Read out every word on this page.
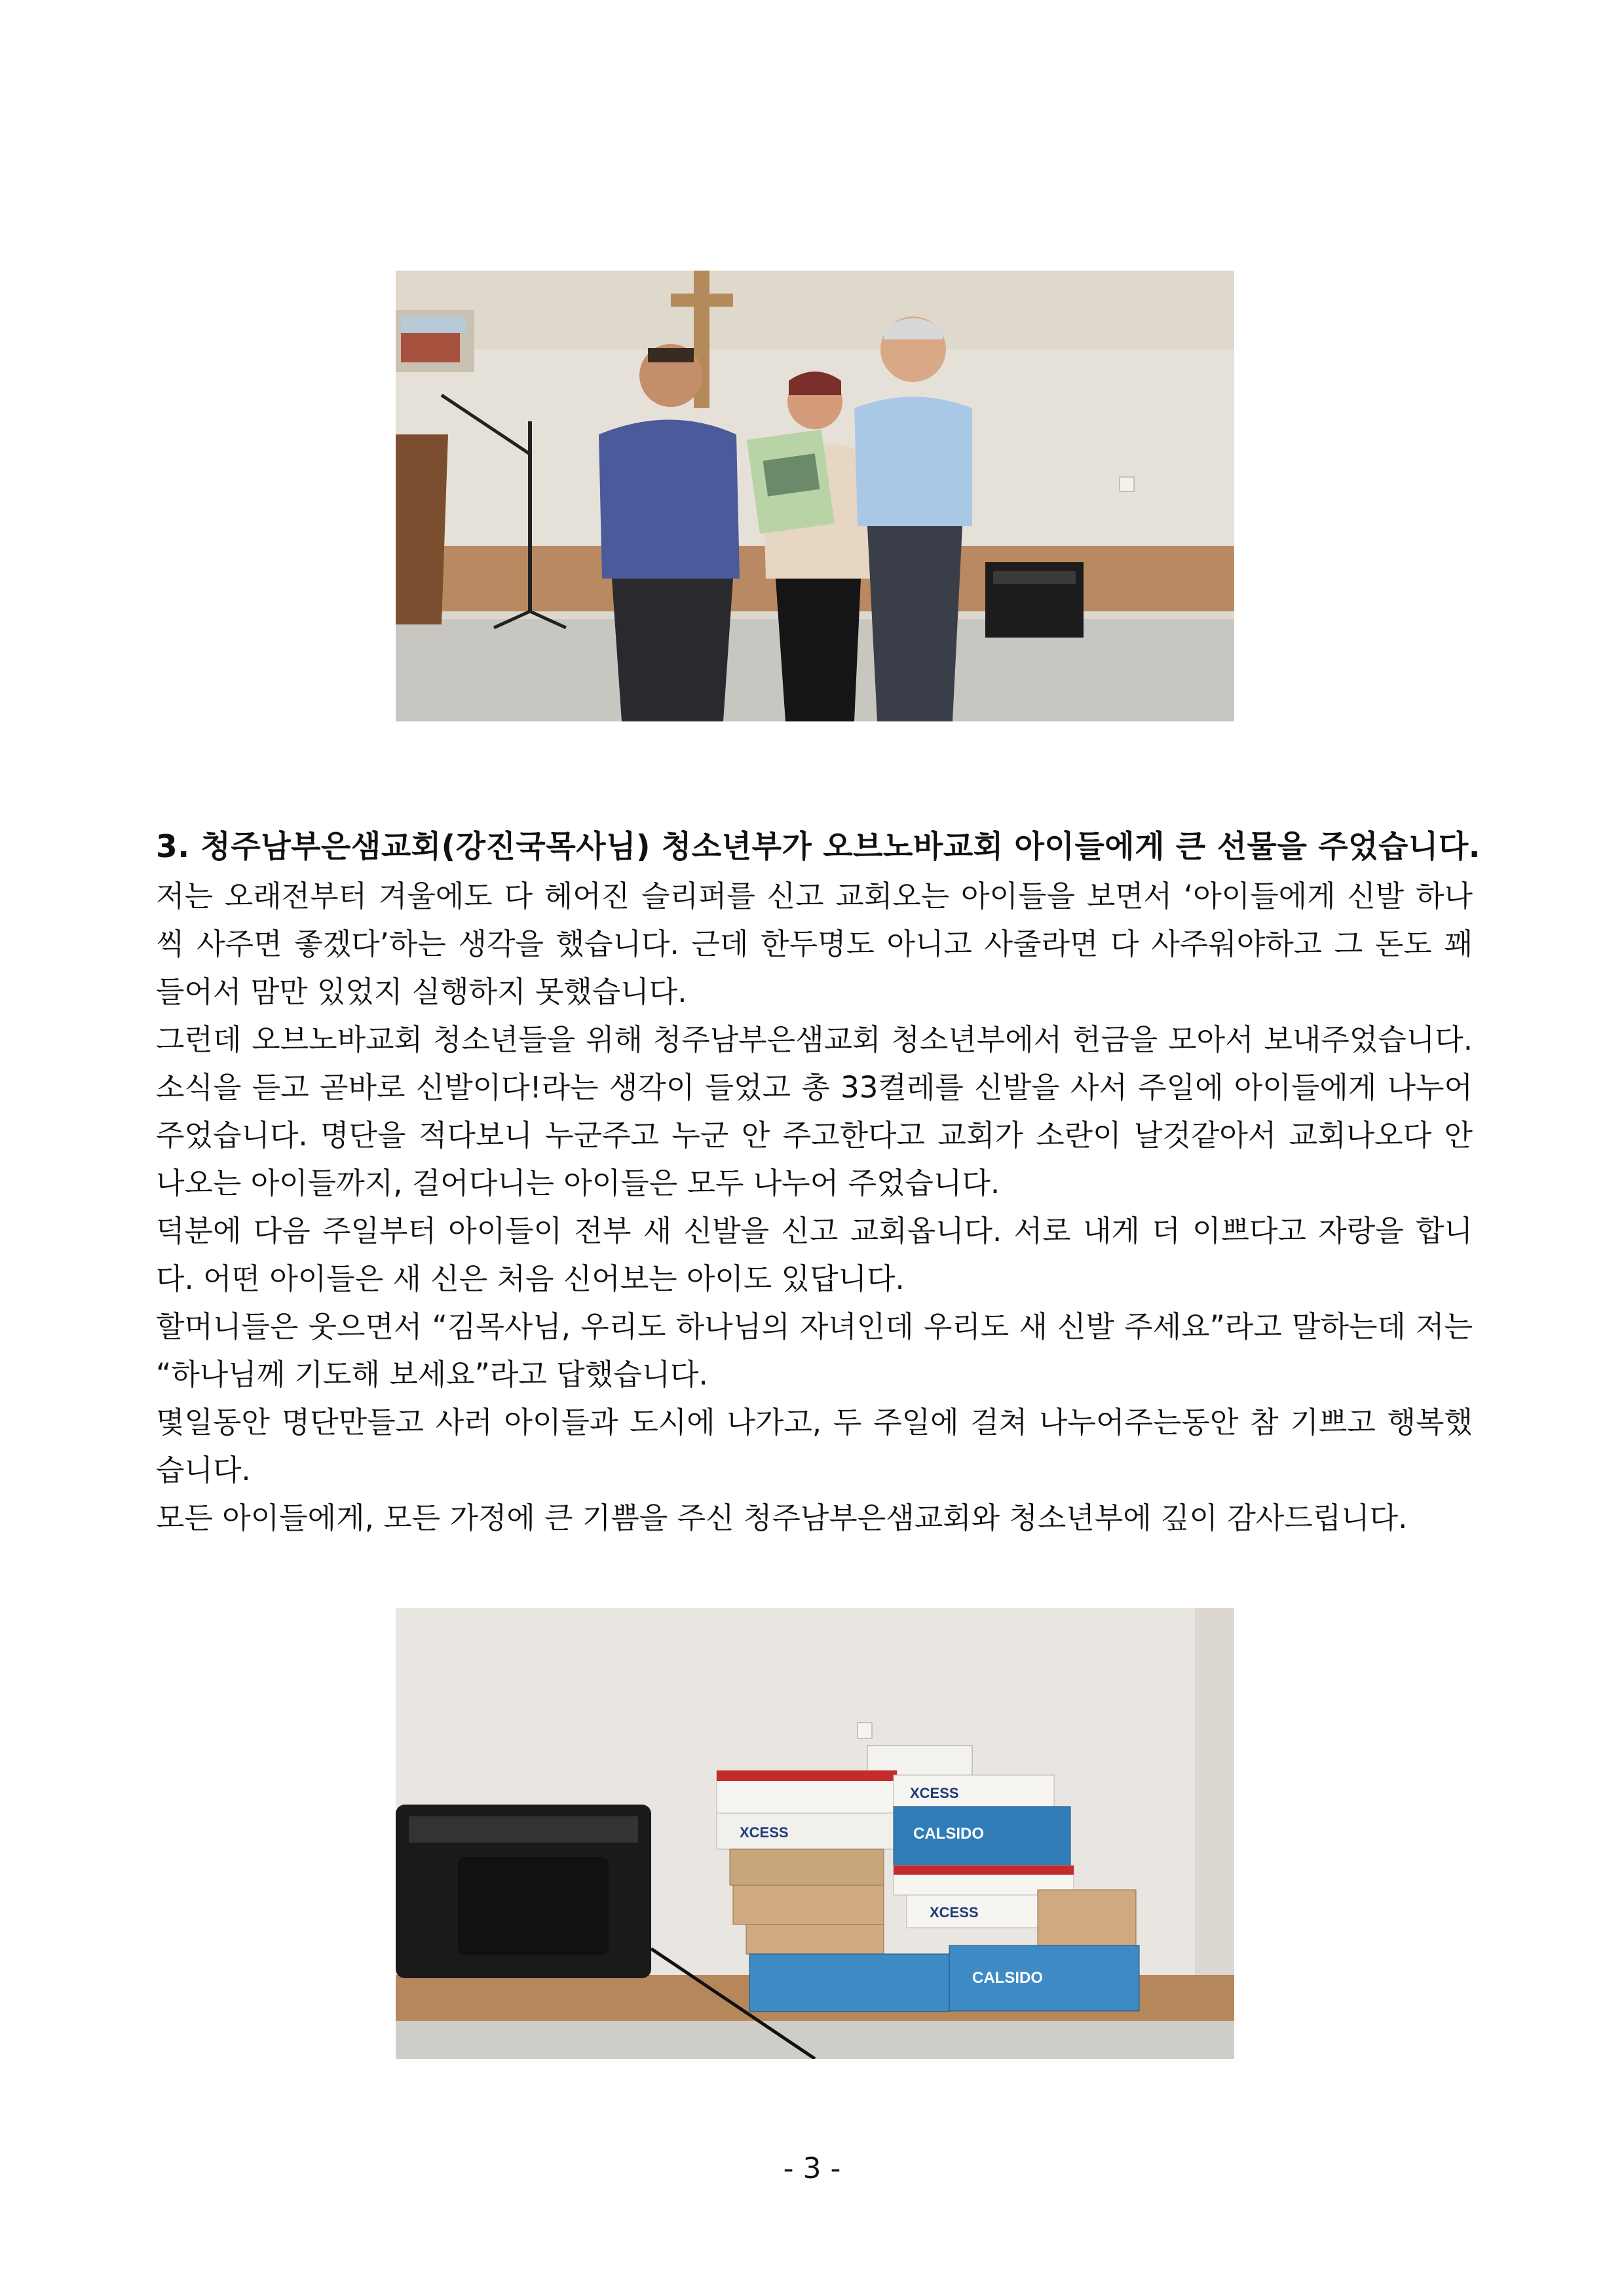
3. 청주남부은샘교회(강진국목사님) 청소년부가 오브노바교회 아이들에게 큰 선물을 주었습니다.

저는 오래전부터 겨울에도 다 헤어진 슬리퍼를 신고 교회오는 아이들을 보면서 ‘아이들에게 신발 하나씩 사주면 좋겠다’하는 생각을 했습니다. 근데 한두명도 아니고 사줄라면 다 사주워야하고 그 돈도 꽤 들어서 맘만 있었지 실행하지 못했습니다.

그런데 오브노바교회 청소년들을 위해 청주남부은샘교회 청소년부에서 헌금을 모아서 보내주었습니다. 소식을 듣고 곧바로 신발이다!라는 생각이 들었고 총 33켤레를 신발을 사서 주일에 아이들에게 나누어 주었습니다. 명단을 적다보니 누군주고 누군 안 주고한다고 교회가 소란이 날것같아서 교회나오다 안 나오는 아이들까지, 걸어다니는 아이들은 모두 나누어 주었습니다.

덕분에 다음 주일부터 아이들이 전부 새 신발을 신고 교회옵니다. 서로 내게 더 이쁘다고 자랑을 합니다. 어떤 아이들은 새 신은 처음 신어보는 아이도 있답니다.

할머니들은 웃으면서 “김목사님, 우리도 하나님의 자녀인데 우리도 새 신발 주세요”라고 말하는데 저는 “하나님께 기도해 보세요”라고 답했습니다.

몇일동안 명단만들고 사러 아이들과 도시에 나가고, 두 주일에 걸쳐 나누어주는동안 참 기쁘고 행복했습니다.

모든 아이들에게, 모든 가정에 큰 기쁨을 주신 청주남부은샘교회와 청소년부에 깊이 감사드립니다.

XCESS	CALSIDO
XCESS
XCESS
CALSIDO
- 3 -
